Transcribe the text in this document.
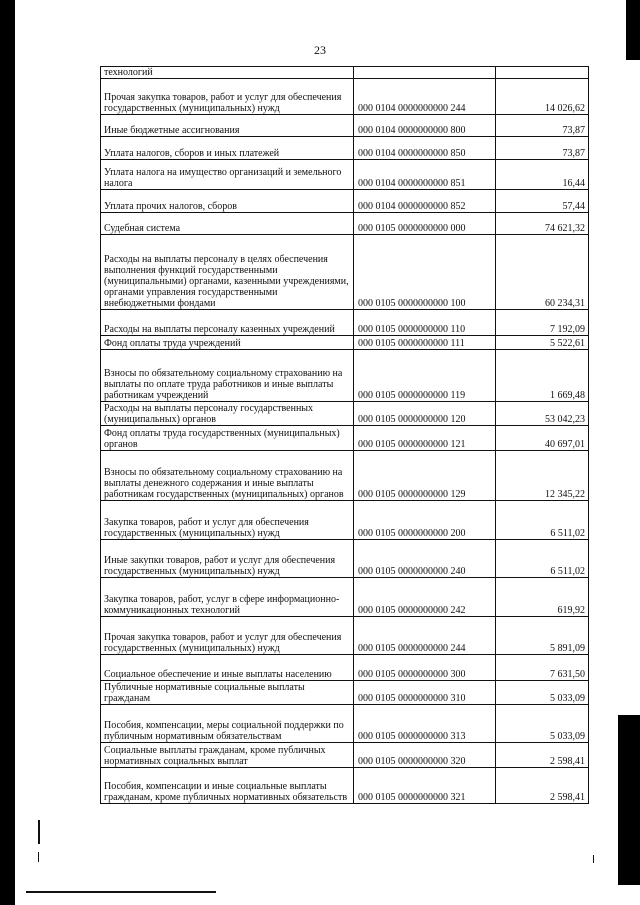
23
технологий		
Прочая закупка товаров, работ и услуг для обеспечения государственных (муниципальных) нужд	000 0104 0000000000 244	14 026,62
Иные бюджетные ассигнования	000 0104 0000000000 800	73,87
Уплата налогов, сборов и иных платежей	000 0104 0000000000 850	73,87
Уплата налога на имущество организаций и земельного налога	000 0104 0000000000 851	16,44
Уплата прочих налогов, сборов	000 0104 0000000000 852	57,44
Судебная система	000 0105 0000000000 000	74 621,32
Расходы на выплаты персоналу в целях обеспечения выполнения функций государственными (муниципальными) органами, казенными учреждениями, органами управления государственными внебюджетными фондами	000 0105 0000000000 100	60 234,31
Расходы на выплаты персоналу казенных учреждений	000 0105 0000000000 110	7 192,09
Фонд оплаты труда учреждений	000 0105 0000000000 111	5 522,61
Взносы по обязательному социальному страхованию на выплаты по оплате труда работников и иные выплаты работникам учреждений	000 0105 0000000000 119	1 669,48
Расходы на выплаты персоналу государственных (муниципальных) органов	000 0105 0000000000 120	53 042,23
Фонд оплаты труда государственных (муниципальных) органов	000 0105 0000000000 121	40 697,01
Взносы по обязательному социальному страхованию на выплаты денежного содержания и иные выплаты работникам государственных (муниципальных) органов	000 0105 0000000000 129	12 345,22
Закупка товаров, работ и услуг для обеспечения государственных (муниципальных) нужд	000 0105 0000000000 200	6 511,02
Иные закупки товаров, работ и услуг для обеспечения государственных (муниципальных) нужд	000 0105 0000000000 240	6 511,02
Закупка товаров, работ, услуг в сфере информационно-коммуникационных технологий	000 0105 0000000000 242	619,92
Прочая закупка товаров, работ и услуг для обеспечения государственных (муниципальных) нужд	000 0105 0000000000 244	5 891,09
Социальное обеспечение и иные выплаты населению	000 0105 0000000000 300	7 631,50
Публичные нормативные социальные выплаты гражданам	000 0105 0000000000 310	5 033,09
Пособия, компенсации, меры социальной поддержки по публичным нормативным обязательствам	000 0105 0000000000 313	5 033,09
Социальные выплаты гражданам, кроме публичных нормативных социальных выплат	000 0105 0000000000 320	2 598,41
Пособия, компенсации и иные социальные выплаты гражданам, кроме публичных нормативных обязательств	000 0105 0000000000 321	2 598,41
